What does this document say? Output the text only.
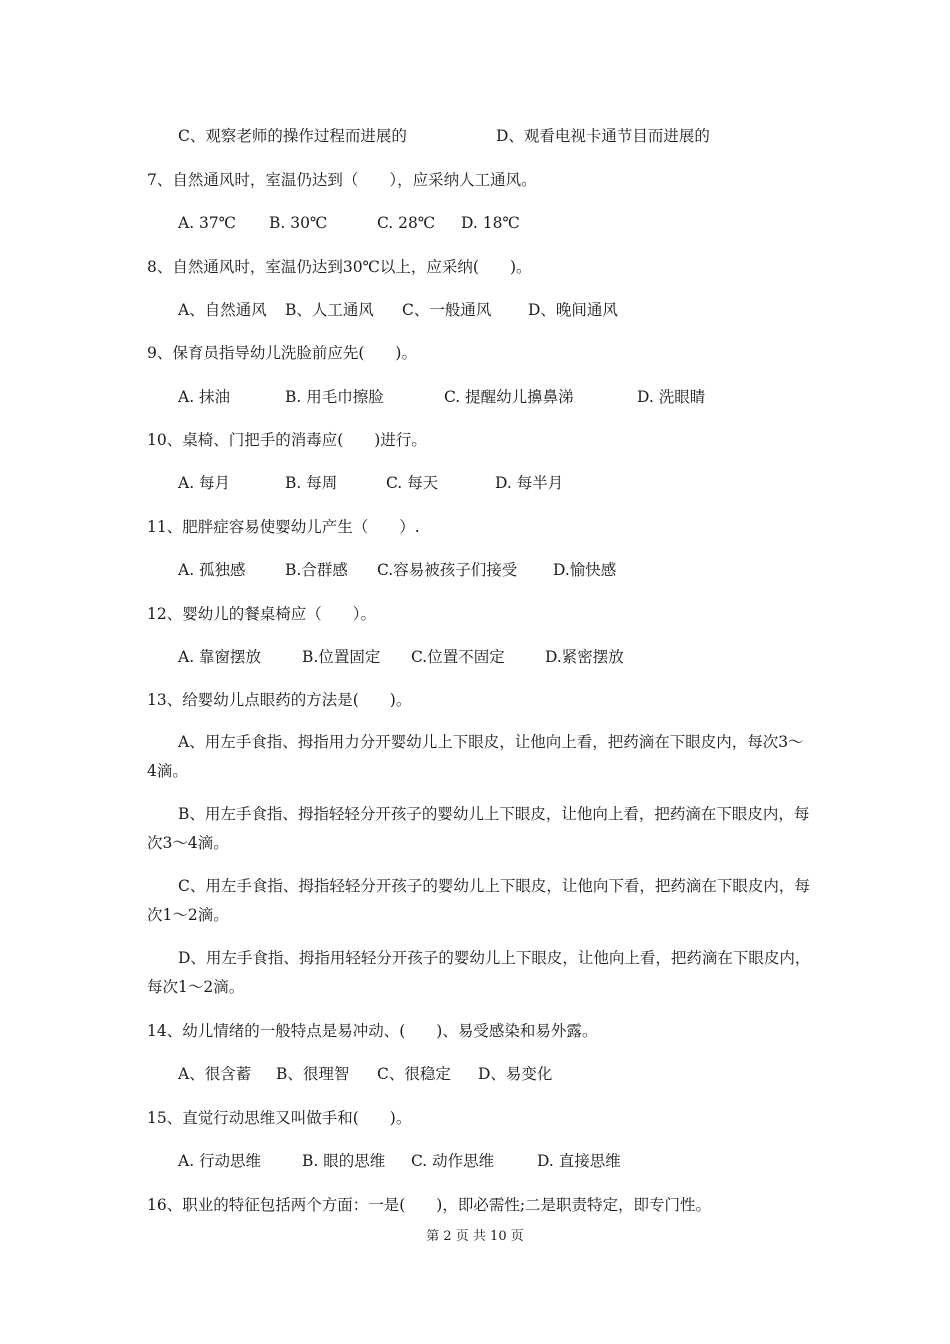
C、观察老师的操作过程而进展的	D、观看电视卡通节目而进展的
7、自然通风时，室温仍达到（　　），应采纳人工通风。
A. 37℃ B. 30℃	C. 28℃ D. 18℃
8、自然通风时，室温仍达到30℃以上，应采纳(　　)。
A、自然通风 B、人工通风 C、一般通风 D、晚间通风
9、保育员指导幼儿洗脸前应先(　　)。
A. 抹油	B. 用毛巾擦脸	C. 提醒幼儿擤鼻涕	D. 洗眼睛
10、桌椅、门把手的消毒应(　　)进行。
A. 每月	B. 每周	C. 每天	D. 每半月
11、肥胖症容易使婴幼儿产生（　　）.
A. 孤独感	B.合群感 C.容易被孩子们接受 D.愉快感
12、婴幼儿的餐桌椅应（　　）。
A. 靠窗摆放	B.位置固定 C.位置不固定	D.紧密摆放
13、给婴幼儿点眼药的方法是(　　)。
A、用左手食指、拇指用力分开婴幼儿上下眼皮，让他向上看，把药滴在下眼皮内，每次3～4滴。
B、用左手食指、拇指轻轻分开孩子的婴幼儿上下眼皮，让他向上看，把药滴在下眼皮内，每次3～4滴。
C、用左手食指、拇指轻轻分开孩子的婴幼儿上下眼皮，让他向下看，把药滴在下眼皮内，每次1～2滴。
D、用左手食指、拇指用轻轻分开孩子的婴幼儿上下眼皮，让他向上看，把药滴在下眼皮内，每次1～2滴。
14、幼儿情绪的一般特点是易冲动、(　　)、易受感染和易外露。
A、很含蓄 B、很理智 C、很稳定 D、易变化
15、直觉行动思维又叫做手和(　　)。
A. 行动思维	B. 眼的思维 C. 动作思维	D. 直接思维
16、职业的特征包括两个方面：一是(　　)，即必需性;二是职责特定，即专门性。
第 2 页 共 10 页
